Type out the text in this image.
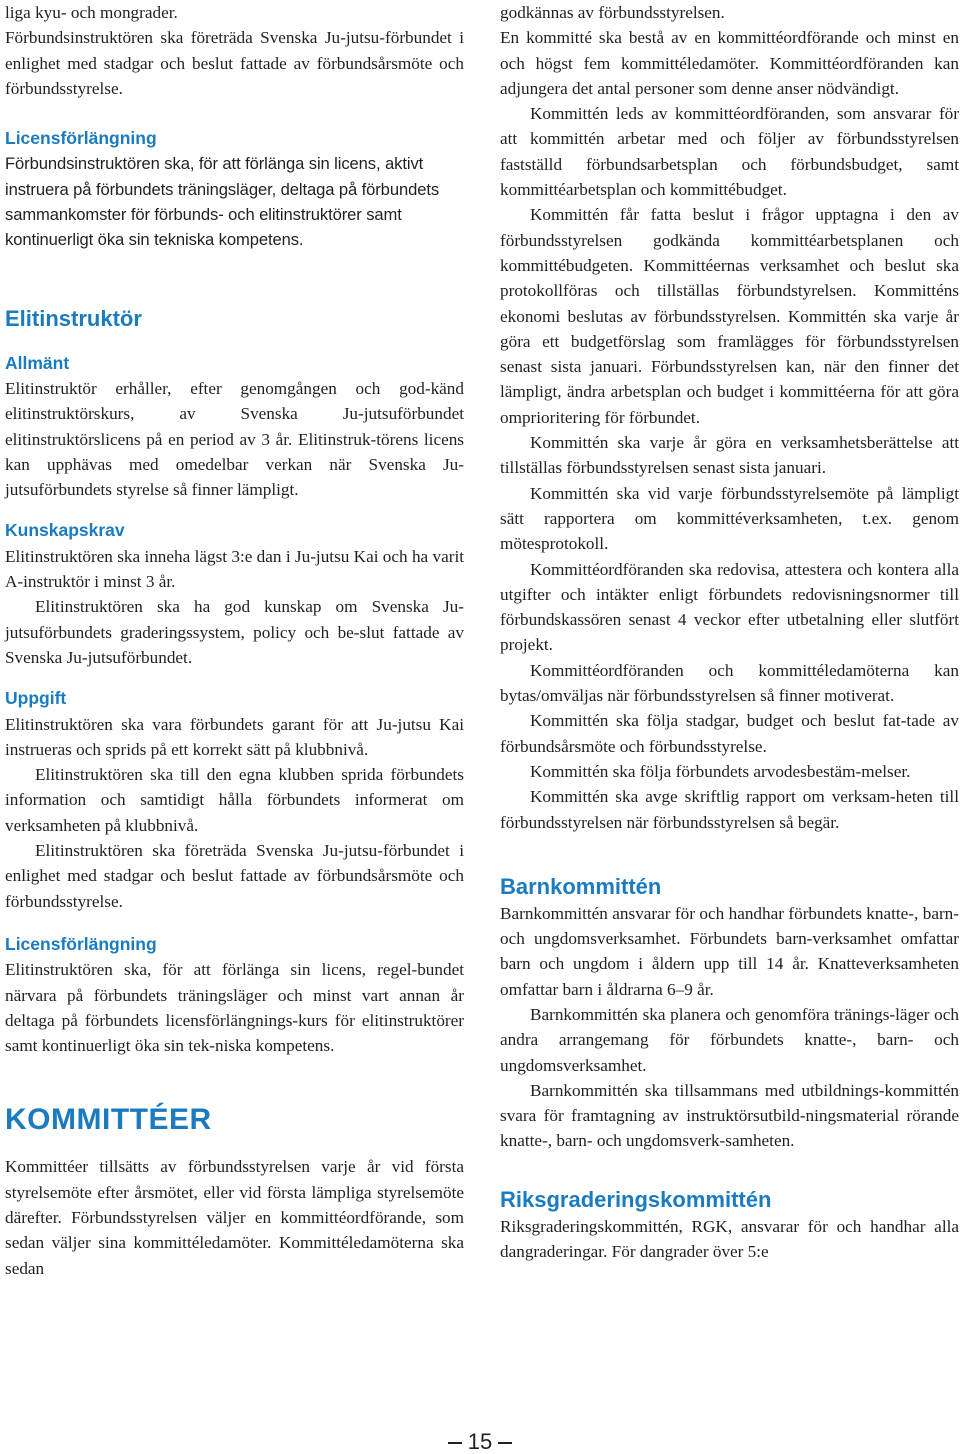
liga kyu- och mongrader.

Förbundsinstruktören ska företräda Svenska Ju-jutsu-förbundet i enlighet med stadgar och beslut fattade av förbundsårsmöte och förbundsstyrelse.

Licensförlängning

Förbundsinstruktören ska, för att förlänga sin licens, aktivt instruera på förbundets träningsläger, deltaga på förbundets sammankomster för förbunds- och elitinstruktörer samt kontinuerligt öka sin tekniska kompetens.

Elitinstruktör
Allmänt

Elitinstruktör erhåller, efter genomgången och god-känd elitinstruktörskurs, av Svenska Ju-jutsuförbundet elitinstruktörslicens på en period av 3 år. Elitinstruk-törens licens kan upphävas med omedelbar verkan när Svenska Ju-jutsuförbundets styrelse så finner lämpligt.

Kunskapskrav

Elitinstruktören ska inneha lägst 3:e dan i Ju-jutsu Kai och ha varit A-instruktör i minst 3 år.

Elitinstruktören ska ha god kunskap om Svenska Ju-jutsuförbundets graderingssystem, policy och be-slut fattade av Svenska Ju-jutsuförbundet.

Uppgift

Elitinstruktören ska vara förbundets garant för att Ju-jutsu Kai instrueras och sprids på ett korrekt sätt på klubbnivå.

Elitinstruktören ska till den egna klubben sprida förbundets information och samtidigt hålla förbundets informerat om verksamheten på klubbnivå.

Elitinstruktören ska företräda Svenska Ju-jutsu-förbundet i enlighet med stadgar och beslut fattade av förbundsårsmöte och förbundsstyrelse.

Licensförlängning

Elitinstruktören ska, för att förlänga sin licens, regel-bundet närvara på förbundets träningsläger och minst vart annan år deltaga på förbundets licensförlängnings-kurs för elitinstruktörer samt kontinuerligt öka sin tek-niska kompetens.

KOMMITTÉER

Kommittéer tillsätts av förbundsstyrelsen varje år vid första styrelsemöte efter årsmötet, eller vid första lämpliga styrelsemöte därefter. Förbundsstyrelsen väljer en kommittéordförande, som sedan väljer sina kommittéledamöter. Kommittéledamöterna ska sedan

godkännas av förbundsstyrelsen.

En kommitté ska bestå av en kommittéordförande och minst en och högst fem kommittéledamöter. Kommittéordföranden kan adjungera det antal personer som denne anser nödvändigt.

Kommittén leds av kommittéordföranden, som ansvarar för att kommittén arbetar med och följer av förbundsstyrelsen fastställd förbundsarbetsplan och förbundsbudget, samt kommittéarbetsplan och kommittébudget.

Kommittén får fatta beslut i frågor upptagna i den av förbundsstyrelsen godkända kommittéarbetsplanen och kommittébudgeten. Kommittéernas verksamhet och beslut ska protokollföras och tillställas förbundstyrelsen. Kommitténs ekonomi beslutas av förbundsstyrelsen. Kommittén ska varje år göra ett budgetförslag som framlägges för förbundsstyrelsen senast sista januari. Förbundsstyrelsen kan, när den finner det lämpligt, ändra arbetsplan och budget i kommittéerna för att göra omprioritering för förbundet.

Kommittén ska varje år göra en verksamhetsberättelse att tillställas förbundsstyrelsen senast sista januari.

Kommittén ska vid varje förbundsstyrelsemöte på lämpligt sätt rapportera om kommittéverksamheten, t.ex. genom mötesprotokoll.

Kommittéordföranden ska redovisa, attestera och kontera alla utgifter och intäkter enligt förbundets redovisningsnormer till förbundskassören senast 4 veckor efter utbetalning eller slutfört projekt.

Kommittéordföranden och kommittéledamöterna kan bytas/omväljas när förbundsstyrelsen så finner motiverat.

Kommittén ska följa stadgar, budget och beslut fat-tade av förbundsårsmöte och förbundsstyrelse.

Kommittén ska följa förbundets arvodesbestäm-melser.

Kommittén ska avge skriftlig rapport om verksam-heten till förbundsstyrelsen när förbundsstyrelsen så begär.

Barnkommittén

Barnkommittén ansvarar för och handhar förbundets knatte-, barn- och ungdomsverksamhet. Förbundets barn-verksamhet omfattar barn och ungdom i åldern upp till 14 år. Knatteverksamheten omfattar barn i åldrarna 6–9 år.

Barnkommittén ska planera och genomföra tränings-läger och andra arrangemang för förbundets knatte-, barn- och ungdomsverksamhet.

Barnkommittén ska tillsammans med utbildnings-kommittén svara för framtagning av instruktörsutbild-ningsmaterial rörande knatte-, barn- och ungdomsverk-samheten.

Riksgraderingskommittén

Riksgraderingskommittén, RGK, ansvarar för och handhar alla dangraderingar. För dangrader över 5:e

15
